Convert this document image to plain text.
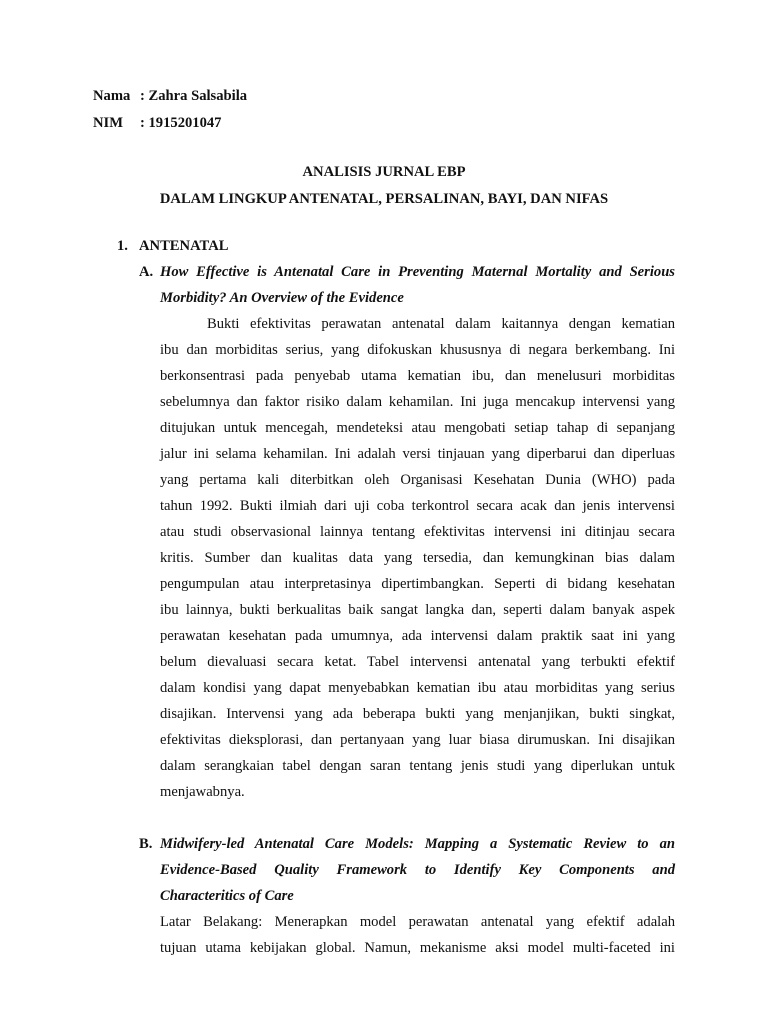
Nama : Zahra Salsabila
NIM : 1915201047
ANALISIS JURNAL EBP
DALAM LINGKUP ANTENATAL, PERSALINAN, BAYI, DAN NIFAS
1. ANTENATAL
A. How Effective is Antenatal Care in Preventing Maternal Mortality and Serious
Morbidity? An Overview of the Evidence
Bukti efektivitas perawatan antenatal dalam kaitannya dengan kematian
ibu dan morbiditas serius, yang difokuskan khususnya di negara berkembang. Ini
berkonsentrasi pada penyebab utama kematian ibu, dan menelusuri morbiditas
sebelumnya dan faktor risiko dalam kehamilan. Ini juga mencakup intervensi yang
ditujukan untuk mencegah, mendeteksi atau mengobati setiap tahap di sepanjang
jalur ini selama kehamilan. Ini adalah versi tinjauan yang diperbarui dan diperluas
yang pertama kali diterbitkan oleh Organisasi Kesehatan Dunia (WHO) pada
tahun 1992. Bukti ilmiah dari uji coba terkontrol secara acak dan jenis intervensi
atau studi observasional lainnya tentang efektivitas intervensi ini ditinjau secara
kritis. Sumber dan kualitas data yang tersedia, dan kemungkinan bias dalam
pengumpulan atau interpretasinya dipertimbangkan. Seperti di bidang kesehatan
ibu lainnya, bukti berkualitas baik sangat langka dan, seperti dalam banyak aspek
perawatan kesehatan pada umumnya, ada intervensi dalam praktik saat ini yang
belum dievaluasi secara ketat. Tabel intervensi antenatal yang terbukti efektif
dalam kondisi yang dapat menyebabkan kematian ibu atau morbiditas yang serius
disajikan. Intervensi yang ada beberapa bukti yang menjanjikan, bukti singkat,
efektivitas dieksplorasi, dan pertanyaan yang luar biasa dirumuskan. Ini disajikan
dalam serangkaian tabel dengan saran tentang jenis studi yang diperlukan untuk
menjawabnya.
B. Midwifery-led Antenatal Care Models: Mapping a Systematic Review to an
Evidence-Based Quality Framework to Identify Key Components and
Characteritics of Care
Latar Belakang: Menerapkan model perawatan antenatal yang efektif adalah
tujuan utama kebijakan global. Namun, mekanisme aksi model multi-faceted ini
